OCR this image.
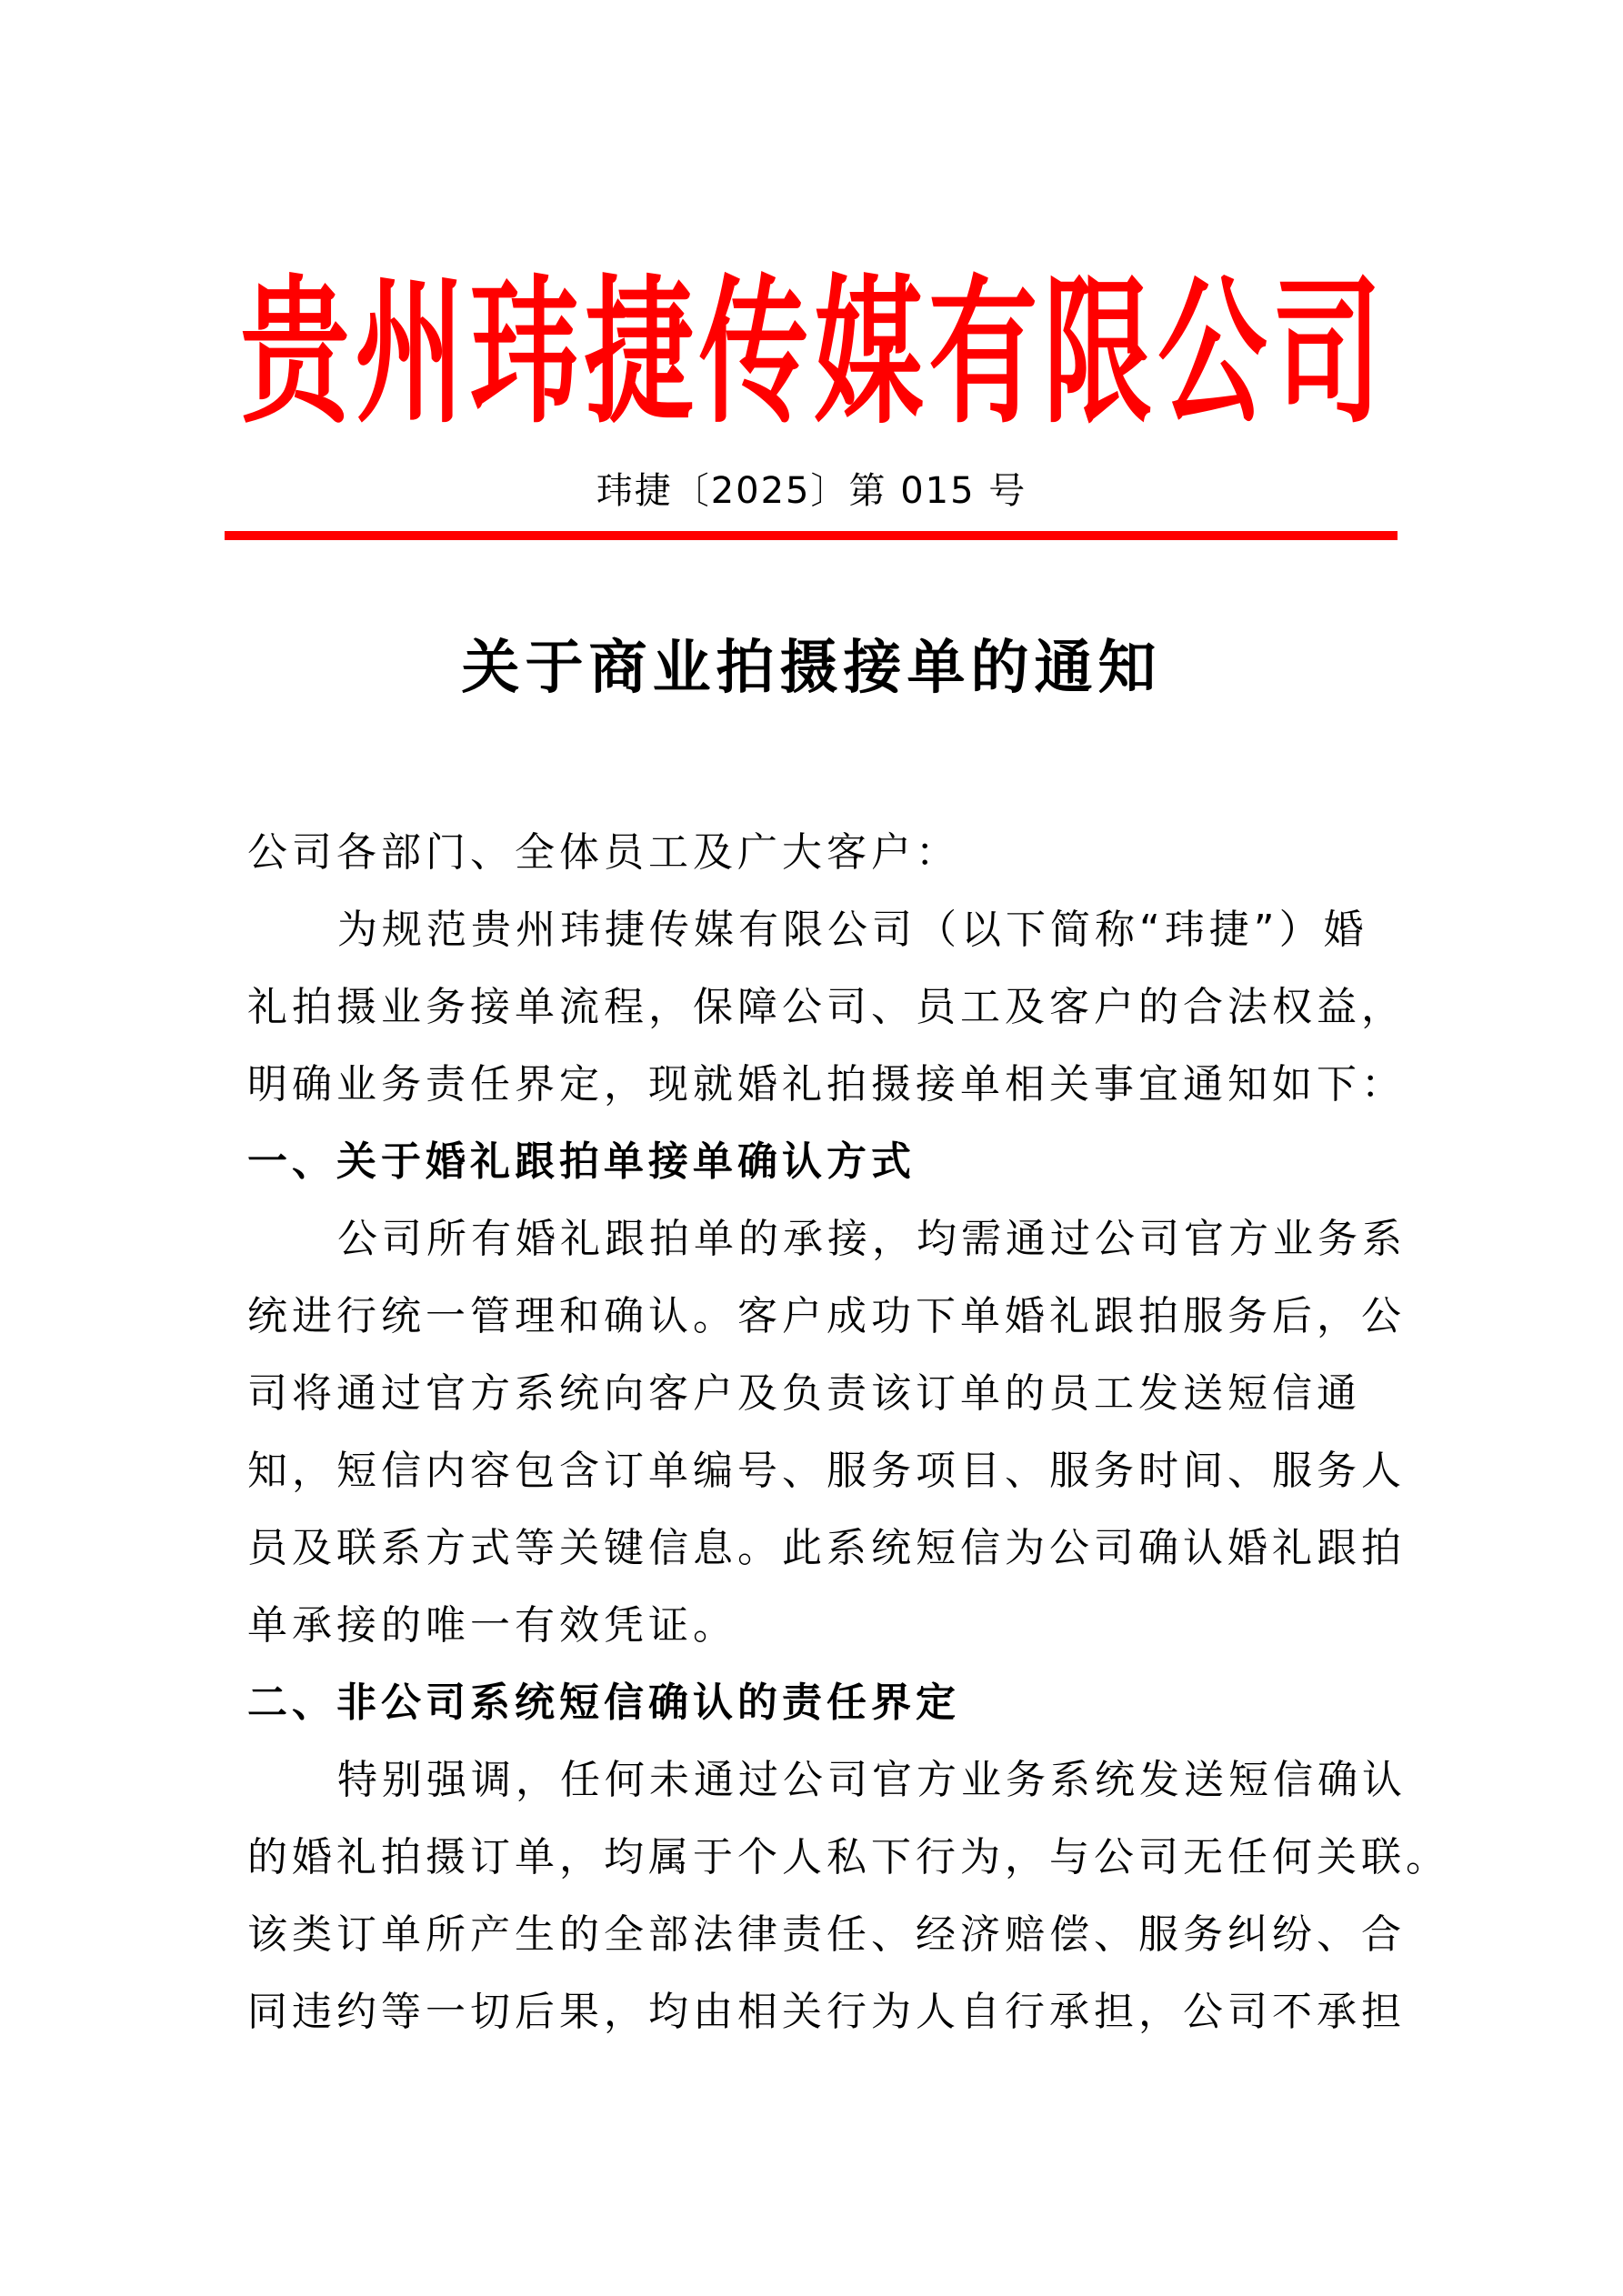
贵 州 玮 捷 传 媒 有 限 公 司
玮捷〔2025〕第 015 号
关于商业拍摄接单的通知
公司各部门、全体员工及广大客户：
为规范贵州玮捷传媒有限公司（以下简称“玮捷”）婚
礼拍摄业务接单流程，保障公司、员工及客户的合法权益，
明确业务责任界定，现就婚礼拍摄接单相关事宜通知如下：
一、关于婚礼跟拍单接单确认方式
公司所有婚礼跟拍单的承接，均需通过公司官方业务系
统进行统一管理和确认。客户成功下单婚礼跟拍服务后，公
司将通过官方系统向客户及负责该订单的员工发送短信通
知，短信内容包含订单编号、服务项目、服务时间、服务人
员及联系方式等关键信息。此系统短信为公司确认婚礼跟拍
单承接的唯一有效凭证。
二、非公司系统短信确认的责任界定
特别强调，任何未通过公司官方业务系统发送短信确认
的婚礼拍摄订单，均属于个人私下行为，与公司无任何关联。
该类订单所产生的全部法律责任、经济赔偿、服务纠纷、合
同违约等一切后果，均由相关行为人自行承担，公司不承担
